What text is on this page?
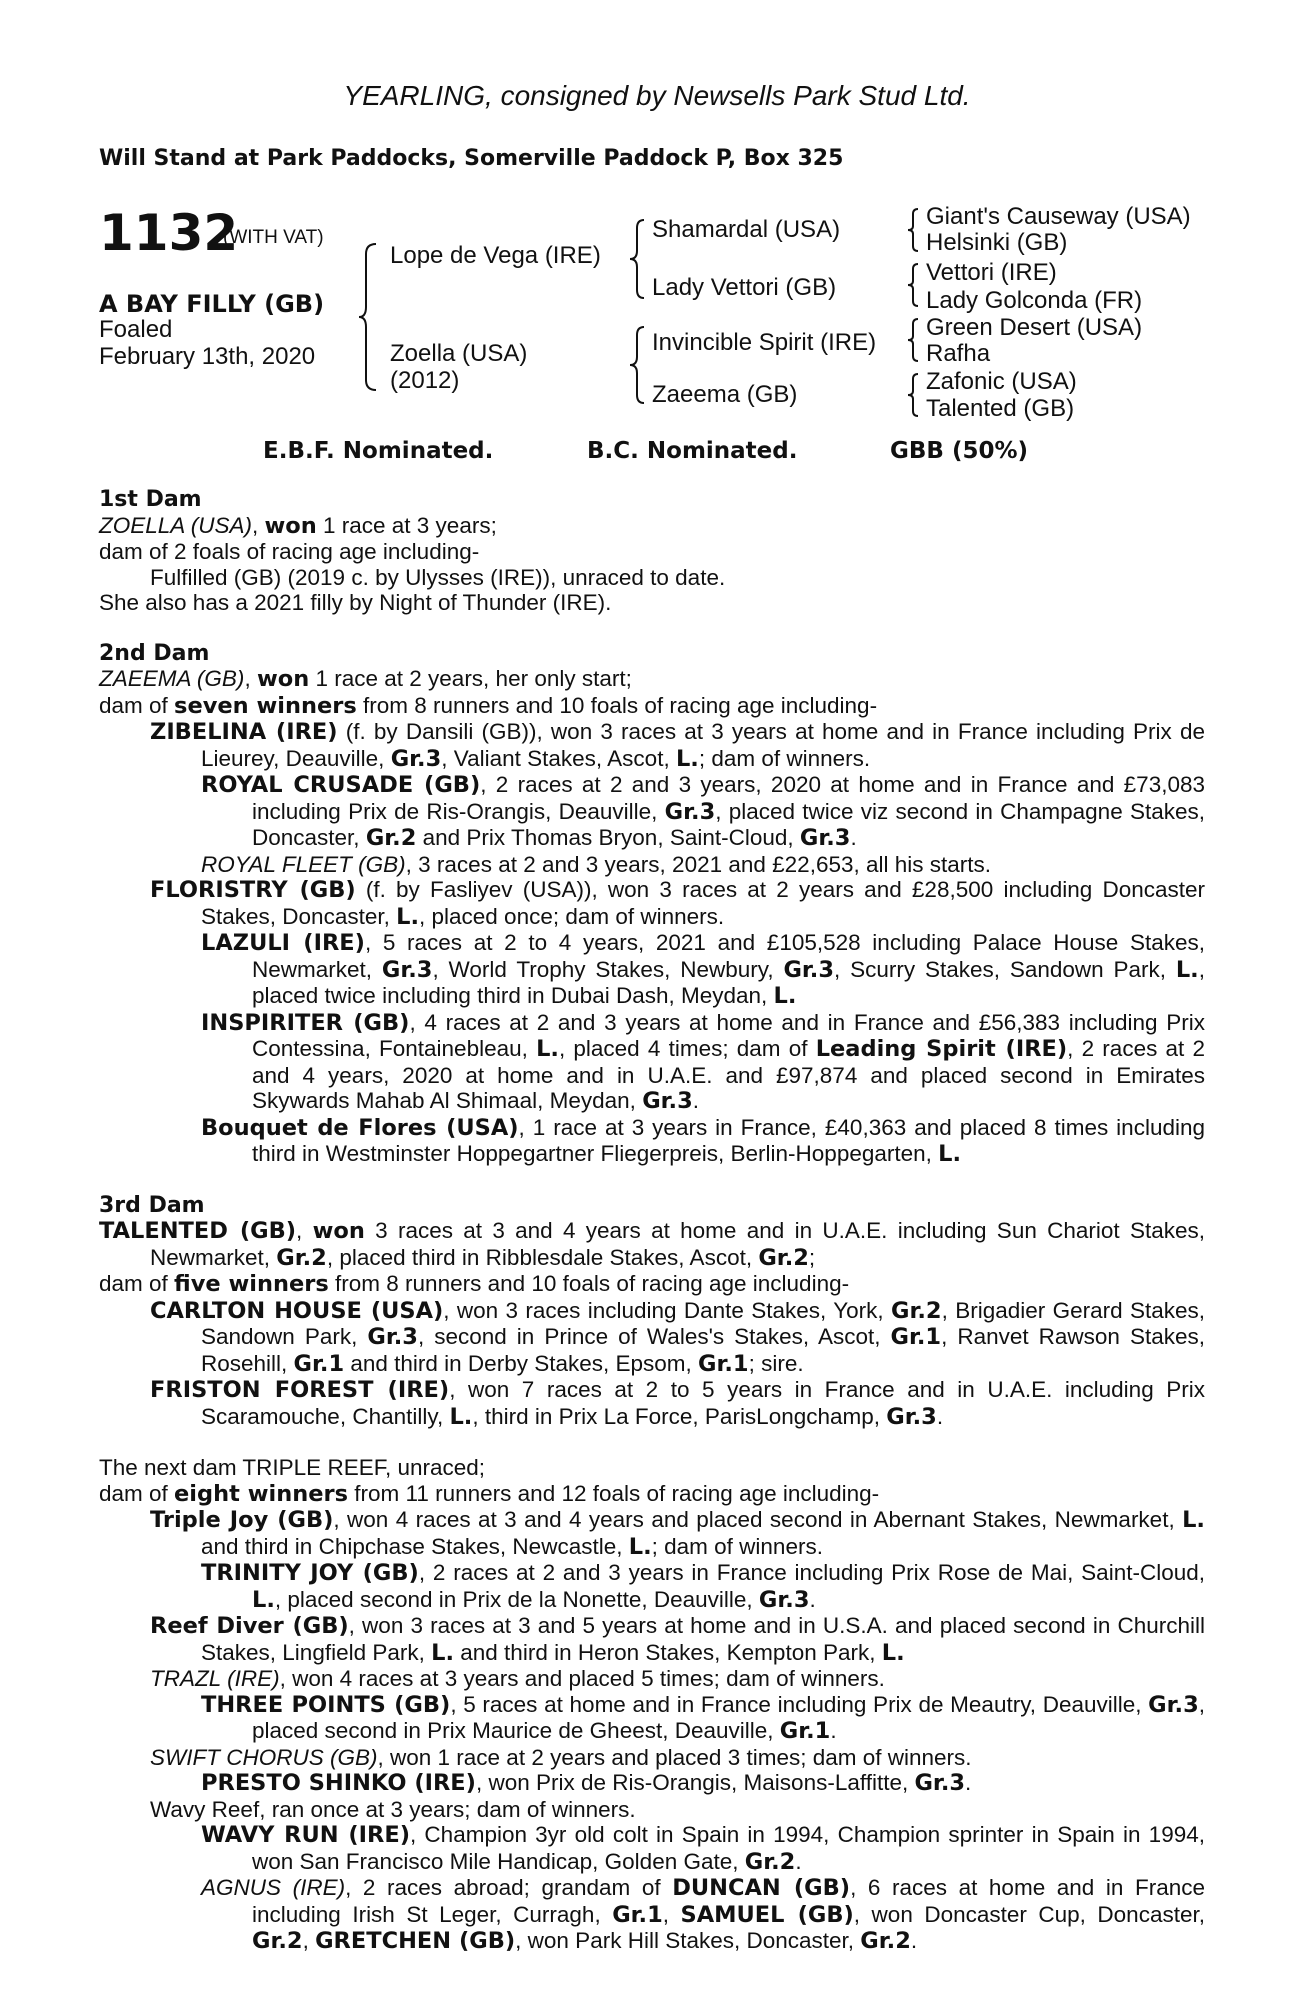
YEARLING, consigned by Newsells Park Stud Ltd.
Will Stand at Park Paddocks, Somerville Paddock P, Box 325
1132
(WITH VAT)
A BAY FILLY (GB)
Foaled
February 13th, 2020
Lope de Vega (IRE)
Zoella (USA)
(2012)
Shamardal (USA)
Lady Vettori (GB)
Invincible Spirit (IRE)
Zaeema (GB)
Giant's Causeway (USA)
Helsinki (GB)
Vettori (IRE)
Lady Golconda (FR)
Green Desert (USA)
Rafha
Zafonic (USA)
Talented (GB)
E.B.F. Nominated.	B.C. Nominated.	GBB (50%)

1st Dam

ZOELLA (USA), won 1 race at 3 years;

dam of 2 foals of racing age including-

Fulfilled (GB) (2019 c. by Ulysses (IRE)), unraced to date.

She also has a 2021 filly by Night of Thunder (IRE).

2nd Dam

ZAEEMA (GB), won 1 race at 2 years, her only start;

dam of seven winners from 8 runners and 10 foals of racing age including-

ZIBELINA (IRE) (f. by Dansili (GB)), won 3 races at 3 years at home and in France including Prix de Lieurey, Deauville, Gr.3, Valiant Stakes, Ascot, L.; dam of winners.

ROYAL CRUSADE (GB), 2 races at 2 and 3 years, 2020 at home and in France and £73,083 including Prix de Ris-Orangis, Deauville, Gr.3, placed twice viz second in Champagne Stakes, Doncaster, Gr.2 and Prix Thomas Bryon, Saint-Cloud, Gr.3.

ROYAL FLEET (GB), 3 races at 2 and 3 years, 2021 and £22,653, all his starts.

FLORISTRY (GB) (f. by Fasliyev (USA)), won 3 races at 2 years and £28,500 including Doncaster Stakes, Doncaster, L., placed once; dam of winners.

LAZULI (IRE), 5 races at 2 to 4 years, 2021 and £105,528 including Palace House Stakes, Newmarket, Gr.3, World Trophy Stakes, Newbury, Gr.3, Scurry Stakes, Sandown Park, L., placed twice including third in Dubai Dash, Meydan, L.

INSPIRITER (GB), 4 races at 2 and 3 years at home and in France and £56,383 including Prix Contessina, Fontainebleau, L., placed 4 times; dam of Leading Spirit (IRE), 2 races at 2 and 4 years, 2020 at home and in U.A.E. and £97,874 and placed second in Emirates Skywards Mahab Al Shimaal, Meydan, Gr.3.

Bouquet de Flores (USA), 1 race at 3 years in France, £40,363 and placed 8 times including third in Westminster Hoppegartner Fliegerpreis, Berlin-Hoppegarten, L.

3rd Dam

TALENTED (GB), won 3 races at 3 and 4 years at home and in U.A.E. including Sun Chariot Stakes, Newmarket, Gr.2, placed third in Ribblesdale Stakes, Ascot, Gr.2;

dam of five winners from 8 runners and 10 foals of racing age including-

CARLTON HOUSE (USA), won 3 races including Dante Stakes, York, Gr.2, Brigadier Gerard Stakes, Sandown Park, Gr.3, second in Prince of Wales's Stakes, Ascot, Gr.1, Ranvet Rawson Stakes, Rosehill, Gr.1 and third in Derby Stakes, Epsom, Gr.1; sire.

FRISTON FOREST (IRE), won 7 races at 2 to 5 years in France and in U.A.E. including Prix Scaramouche, Chantilly, L., third in Prix La Force, ParisLongchamp, Gr.3.

The next dam TRIPLE REEF, unraced;

dam of eight winners from 11 runners and 12 foals of racing age including-

Triple Joy (GB), won 4 races at 3 and 4 years and placed second in Abernant Stakes, Newmarket, L. and third in Chipchase Stakes, Newcastle, L.; dam of winners.

TRINITY JOY (GB), 2 races at 2 and 3 years in France including Prix Rose de Mai, Saint-Cloud, L., placed second in Prix de la Nonette, Deauville, Gr.3.

Reef Diver (GB), won 3 races at 3 and 5 years at home and in U.S.A. and placed second in Churchill Stakes, Lingfield Park, L. and third in Heron Stakes, Kempton Park, L.

TRAZL (IRE), won 4 races at 3 years and placed 5 times; dam of winners.

THREE POINTS (GB), 5 races at home and in France including Prix de Meautry, Deauville, Gr.3, placed second in Prix Maurice de Gheest, Deauville, Gr.1.

SWIFT CHORUS (GB), won 1 race at 2 years and placed 3 times; dam of winners.

PRESTO SHINKO (IRE), won Prix de Ris-Orangis, Maisons-Laffitte, Gr.3.

Wavy Reef, ran once at 3 years; dam of winners.

WAVY RUN (IRE), Champion 3yr old colt in Spain in 1994, Champion sprinter in Spain in 1994, won San Francisco Mile Handicap, Golden Gate, Gr.2.

AGNUS (IRE), 2 races abroad; grandam of DUNCAN (GB), 6 races at home and in France including Irish St Leger, Curragh, Gr.1, SAMUEL (GB), won Doncaster Cup, Doncaster, Gr.2, GRETCHEN (GB), won Park Hill Stakes, Doncaster, Gr.2.
